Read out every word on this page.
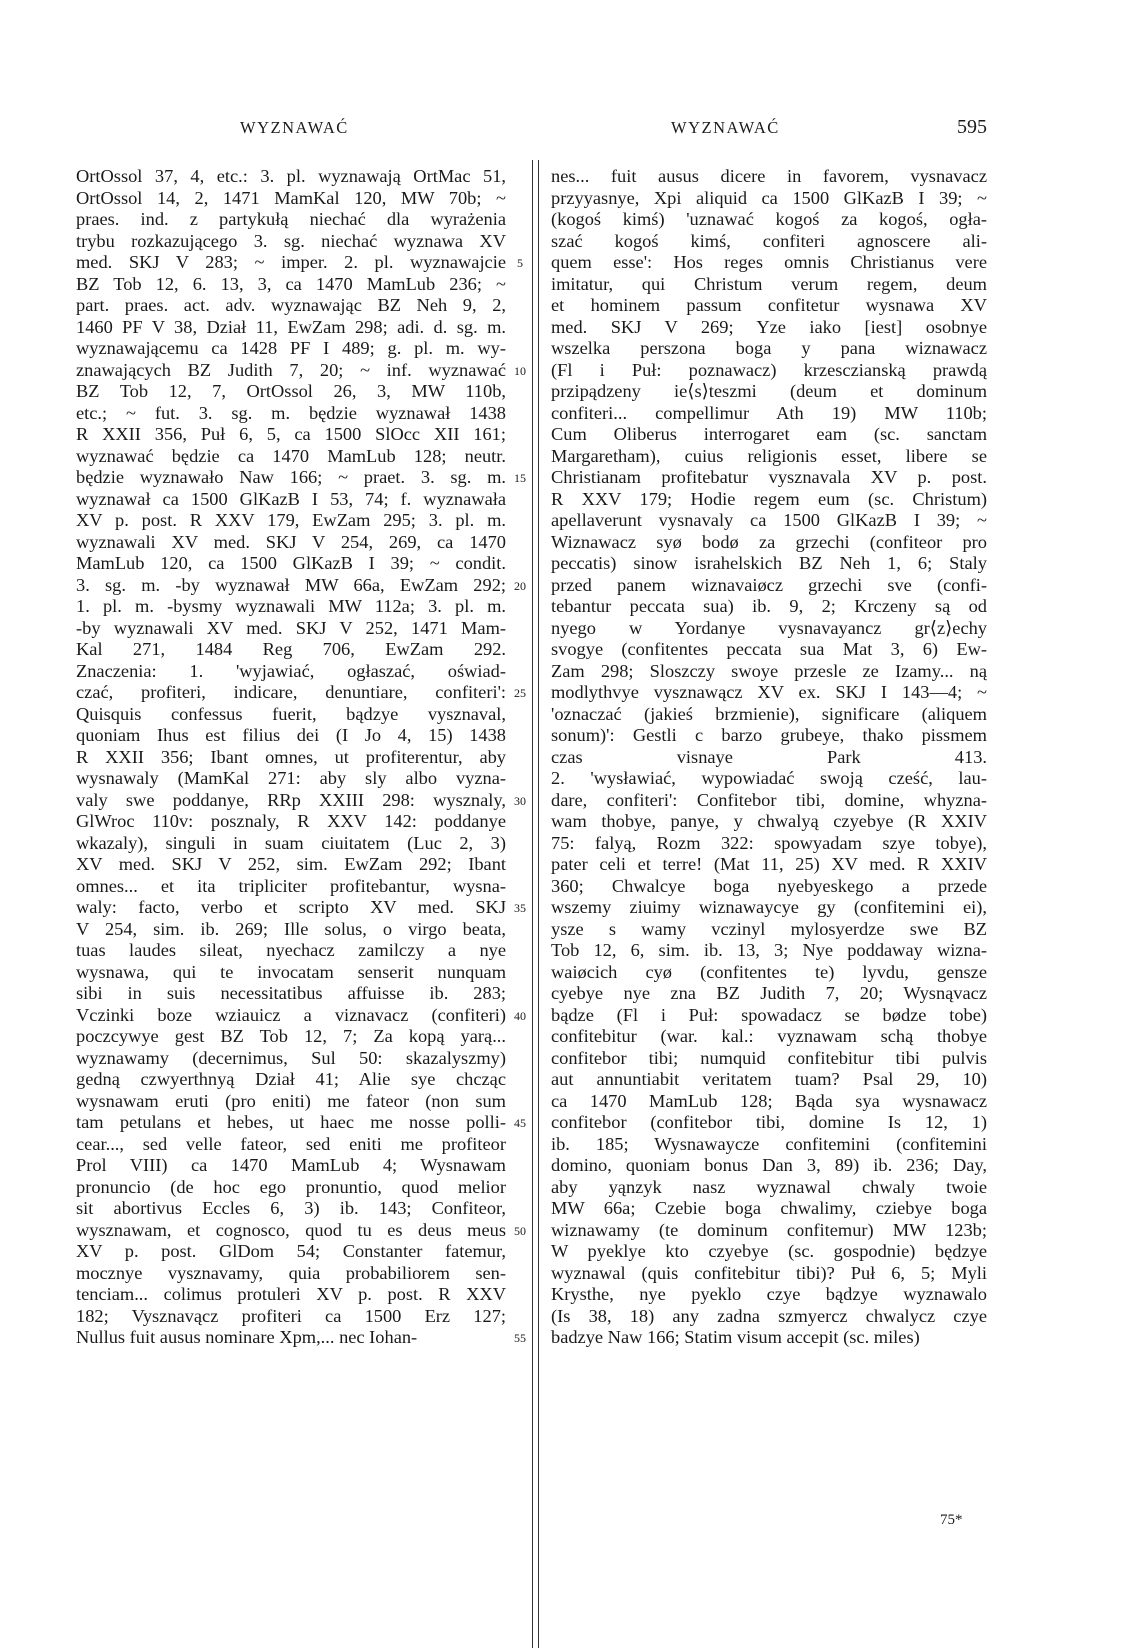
WYZNAWAĆ	WYZNAWAĆ	595
OrtOssol 37, 4, etc.: 3. pl. wyznawają OrtMac 51,
OrtOssol 14, 2, 1471 MamKal 120, MW 70b; ~
praes. ind. z partykułą niechać dla wyrażenia
trybu rozkazującego 3. sg. niechać wyznawa XV
med. SKJ V 283; ~ imper. 2. pl. wyznawajcie
BZ Tob 12, 6. 13, 3, ca 1470 MamLub 236; ~
part. praes. act. adv. wyznawając BZ Neh 9, 2,
1460 PF V 38, Dział 11, EwZam 298; adi. d. sg. m.
wyznawającemu ca 1428 PF I 489; g. pl. m. wy-
znawających BZ Judith 7, 20; ~ inf. wyznawać
BZ Tob 12, 7, OrtOssol 26, 3, MW 110b,
etc.; ~ fut. 3. sg. m. będzie wyznawał 1438
R XXII 356, Puł 6, 5, ca 1500 SlOcc XII 161;
wyznawać będzie ca 1470 MamLub 128; neutr.
będzie wyznawało Naw 166; ~ praet. 3. sg. m.
wyznawał ca 1500 GlKazB I 53, 74; f. wyznawała
XV p. post. R XXV 179, EwZam 295; 3. pl. m.
wyznawali XV med. SKJ V 254, 269, ca 1470
MamLub 120, ca 1500 GlKazB I 39; ~ condit.
3. sg. m. -by wyznawał MW 66a, EwZam 292;
1. pl. m. -bysmy wyznawali MW 112a; 3. pl. m.
-by wyznawali XV med. SKJ V 252, 1471 Mam-
Kal 271, 1484 Reg 706, EwZam 292.
Znaczenia: 1. 'wyjawiać, ogłaszać, oświad-
czać, profiteri, indicare, denuntiare, confiteri':
Quisquis confessus fuerit, bądzye vysznaval,
quoniam Ihus est filius dei (I Jo 4, 15) 1438
R XXII 356; Ibant omnes, ut profiterentur, aby
wysnawaly (MamKal 271: aby sly albo vyzna-
valy swe poddanye, RRp XXIII 298: wysznaly,
GlWroc 110v: posznaly, R XXV 142: poddanye
wkazaly), singuli in suam ciuitatem (Luc 2, 3)
XV med. SKJ V 252, sim. EwZam 292; Ibant
omnes... et ita tripliciter profitebantur, wysna-
waly: facto, verbo et scripto XV med. SKJ
V 254, sim. ib. 269; Ille solus, o virgo beata,
tuas laudes sileat, nyechacz zamilczy a nye
wysnawa, qui te invocatam senserit nunquam
sibi in suis necessitatibus affuisse ib. 283;
Vczinki boze wziauicz a viznavacz (confiteri)
poczcywye gest BZ Tob 12, 7; Za kopą yarą...
wyznawamy (decernimus, Sul 50: skazalyszmy)
gedną czwyerthnyą Dział 41; Alie sye chcząc
wysnawam eruti (pro eniti) me fateor (non sum
tam petulans et hebes, ut haec me nosse polli-
cear..., sed velle fateor, sed eniti me profiteor
Prol VIII) ca 1470 MamLub 4; Wysnawam
pronuncio (de hoc ego pronuntio, quod melior
sit abortivus Eccles 6, 3) ib. 143; Confiteor,
wysznawam, et cognosco, quod tu es deus meus
XV p. post. GlDom 54; Constanter fatemur,
mocznye vysznavamy, quia probabiliorem sen-
tenciam... colimus protuleri XV p. post. R XXV
182; Vysznavącz profiteri ca 1500 Erz 127;
Nullus fuit ausus nominare Xpm,... nec Iohan-
5
10
15
20
25
30
35
40
45
50
55
nes... fuit ausus dicere in favorem, vysnavacz
przyyasnye, Xpi aliquid ca 1500 GlKazB I 39; ~
(kogoś kimś) 'uznawać kogoś za kogoś, ogła-
szać kogoś kimś, confiteri agnoscere ali-
quem esse': Hos reges omnis Christianus vere
imitatur, qui Christum verum regem, deum
et hominem passum confitetur wysnawa XV
med. SKJ V 269; Yze iako [iest] osobnye
wszelka perszona boga y pana wiznawacz
(Fl i Puł: poznawacz) krzesczianską prawdą
przipądzeny ie⟨s⟩teszmi (deum et dominum
confiteri... compellimur Ath 19) MW 110b;
Cum Oliberus interrogaret eam (sc. sanctam
Margaretham), cuius religionis esset, libere se
Christianam profitebatur vysznavala XV p. post.
R XXV 179; Hodie regem eum (sc. Christum)
apellaverunt vysnavaly ca 1500 GlKazB I 39; ~
Wiznawacz syø bodø za grzechi (confiteor pro
peccatis) sinow israhelskich BZ Neh 1, 6; Staly
przed panem wiznavaiøcz grzechi sve (confi-
tebantur peccata sua) ib. 9, 2; Krczeny są od
nyego w Yordanye vysnavayancz gr⟨z⟩echy
svogye (confitentes peccata sua Mat 3, 6) Ew-
Zam 298; Sloszczy swoye przesle ze Izamy... ną
modlythvye vysznawącz XV ex. SKJ I 143—4; ~
'oznaczać (jakieś brzmienie), significare (aliquem
sonum)': Gestli c barzo grubeye, thako pissmem
czas visnaye Park 413.
2. 'wysławiać, wypowiadać swoją cześć, lau-
dare, confiteri': Confitebor tibi, domine, whyzna-
wam thobye, panye, y chwalyą czyebye (R XXIV
75: falyą, Rozm 322: spowyadam szye tobye),
pater celi et terre! (Mat 11, 25) XV med. R XXIV
360; Chwalcye boga nyebyeskego a przede
wszemy ziuimy wiznawaycye gy (confitemini ei),
ysze s wamy vczinyl mylosyerdze swe BZ
Tob 12, 6, sim. ib. 13, 3; Nye poddaway wizna-
waiøcich cyø (confitentes te) lyvdu, gensze
cyebye nye zna BZ Judith 7, 20; Wysnąvacz
bądze (Fl i Puł: spowadacz se bødze tobe)
confitebitur (war. kal.: vyznawam schą thobye
confitebor tibi; numquid confitebitur tibi pulvis
aut annuntiabit veritatem tuam? Psal 29, 10)
ca 1470 MamLub 128; Bąda sya wysnawacz
confitebor (confitebor tibi, domine Is 12, 1)
ib. 185; Wysnawaycze confitemini (confitemini
domino, quoniam bonus Dan 3, 89) ib. 236; Day,
aby yąnzyk nasz wyznawal chwaly twoie
MW 66a; Czebie boga chwalimy, cziebye boga
wiznawamy (te dominum confitemur) MW 123b;
W pyeklye kto czyebye (sc. gospodnie) będzye
wyznawal (quis confitebitur tibi)? Puł 6, 5; Myli
Krysthe, nye pyeklo czye bądzye wyznawalo
(Is 38, 18) any zadna szmyercz chwalycz czye
badzye Naw 166; Statim visum accepit (sc. miles)
75*
